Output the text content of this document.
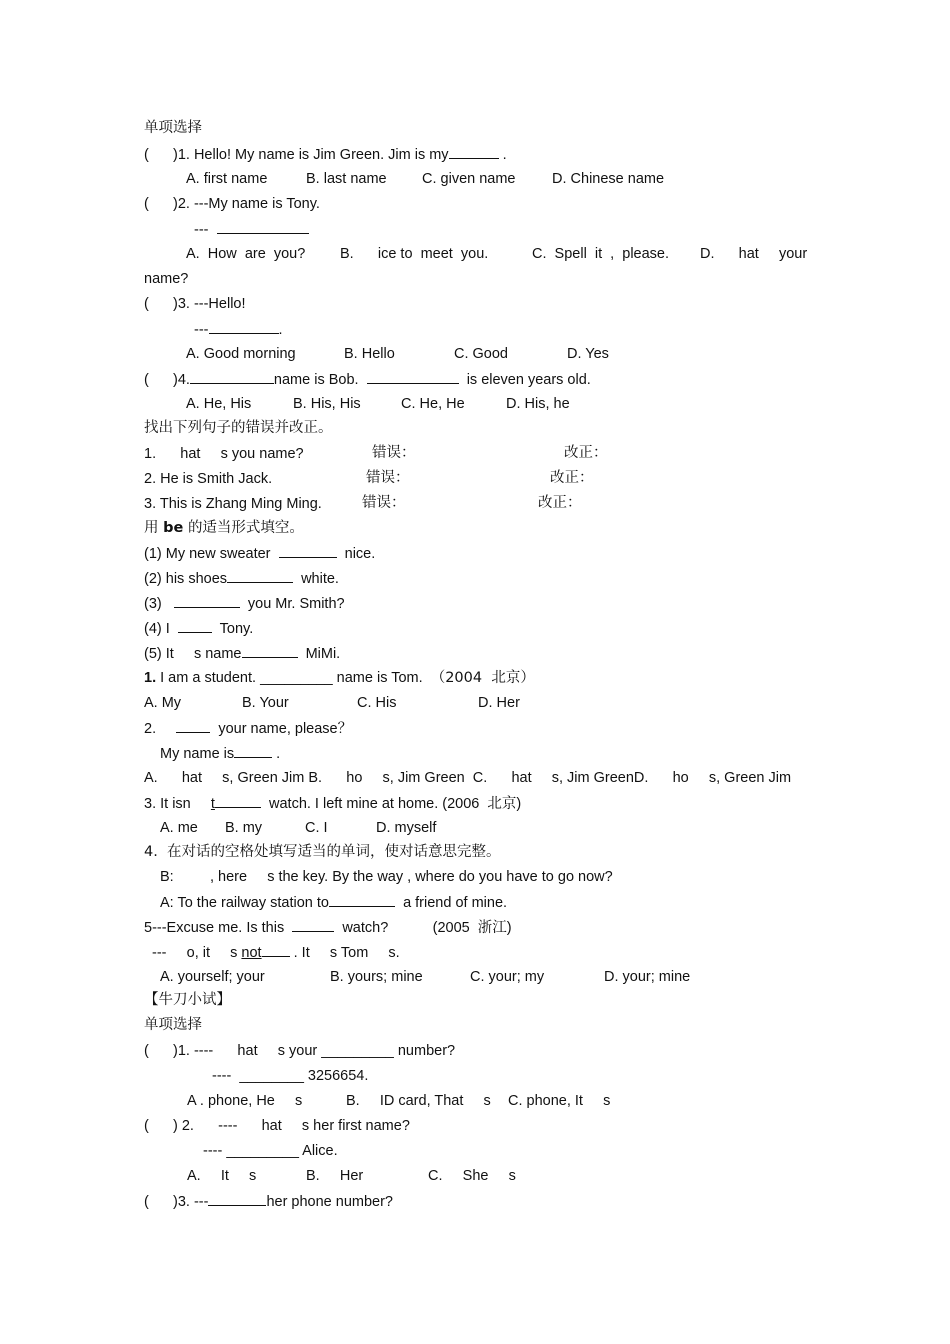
单项选择
(      )1. Hello! My name is Jim Green. Jim is my	.
A. first name	B. last name C. given name	D. Chinese name
(      )2. ---My name is Tony.
---
A.  How  are  you? B.      ice to  meet  you.	C.  Spell  it  ,  please. D.      hat     your
name?
(      )3. ---Hello!
---	.
A. Good morning	B. Hello	C. Good	D. Yes
(      )4.	name is Bob.	is eleven years old.
A. He, His	B. His, His	C. He, He	D. His, he
找出下列句子的错误并改正。
1.      hat     s you name?	错误：	改正：
2. He is Smith Jack.	错误：	改正：
3. This is Zhang Ming Ming.	错误：	改正：
用 be 的适当形式填空。
(1) My new sweater	nice.
(2) his shoes	white.
(3)	you Mr. Smith?
(4) I	Tony.
(5) It     s name	MiMi.
1. I am a student. _________ name is Tom. （2004  北京）
A. My	B. Your	C. His	D. Her
2.	your name, please？
My name is	.
A.      hat     s, Green Jim B.      ho     s, Jim Green  C.      hat     s, Jim GreenD.      ho     s, Green Jim
3. It isn t	watch. I left mine at home. (2006  北京)
A. me B. my	C. I	D. myself
4.  在对话的空格处填写适当的单词，使对话意思完整。
B:	, here     s the key. By the way , where do you have to go now?
A: To the railway station to	a friend of mine.
5---Excuse me. Is this	watch?	(2005  浙江)
---     o, it     s not . It     s Tom     s.
A. yourself; your	B. yours; mine	C. your; my	D. your; mine
【牛刀小试】
单项选择
(      )1. ----      hat     s your _________ number?
----  ________ 3256654.
A . phone, He     s	B.     ID card, That     s C. phone, It     s
(      ) 2.      ----      hat     s her first name?
---- _________ Alice.
A.     It     s	B.     Her	C.     She     s
(      )3. ---	her phone number?
